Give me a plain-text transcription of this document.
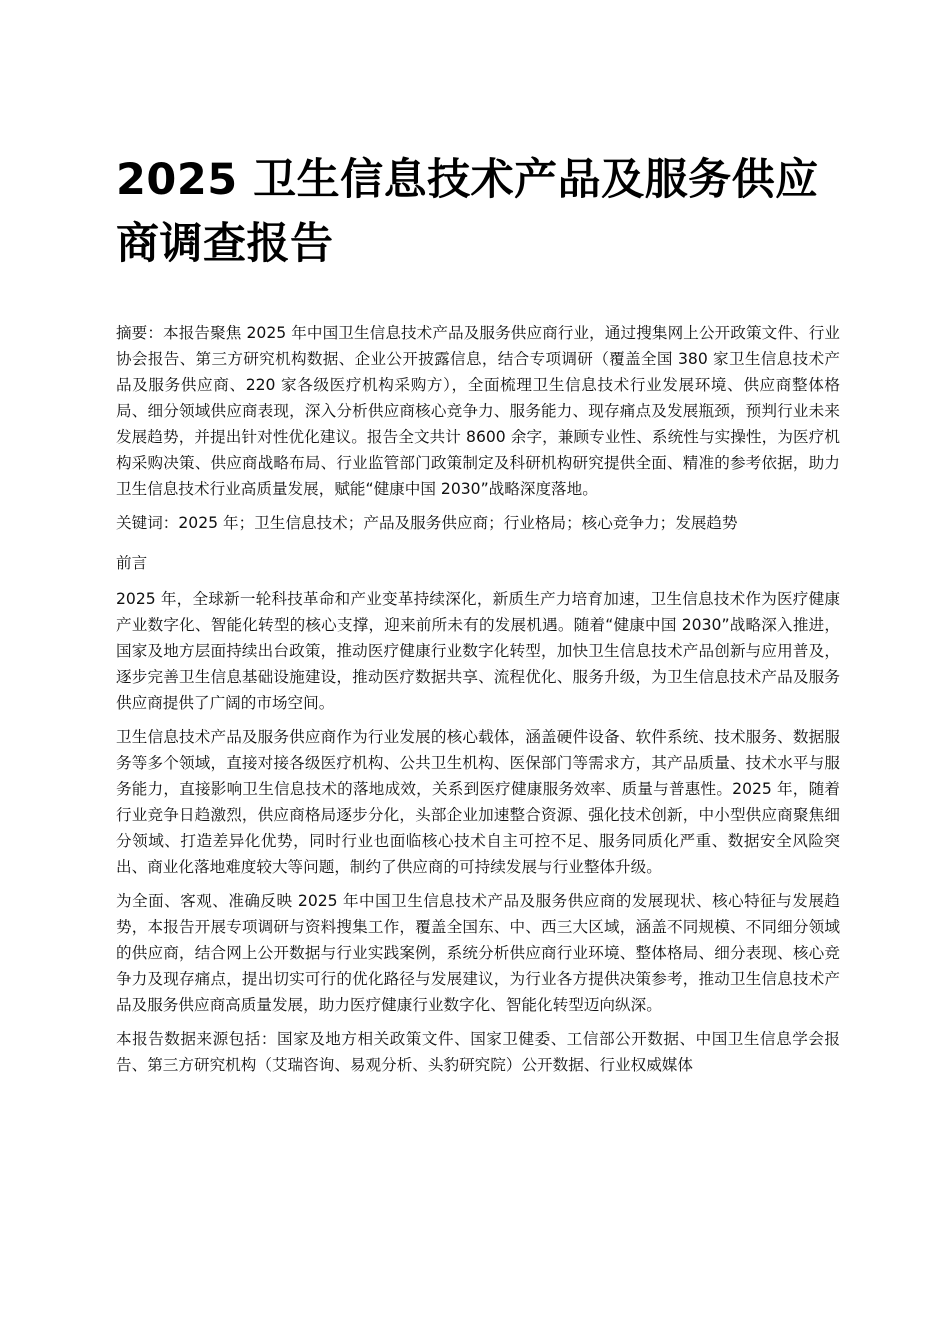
2025 卫生信息技术产品及服务供应商调查报告

摘要：本报告聚焦 2025 年中国卫生信息技术产品及服务供应商行业，通过搜集网上公开政策文件、行业协会报告、第三方研究机构数据、企业公开披露信息，结合专项调研（覆盖全国 380 家卫生信息技术产品及服务供应商、220 家各级医疗机构采购方），全面梳理卫生信息技术行业发展环境、供应商整体格局、细分领域供应商表现，深入分析供应商核心竞争力、服务能力、现存痛点及发展瓶颈，预判行业未来发展趋势，并提出针对性优化建议。报告全文共计 8600 余字，兼顾专业性、系统性与实操性，为医疗机构采购决策、供应商战略布局、行业监管部门政策制定及科研机构研究提供全面、精准的参考依据，助力卫生信息技术行业高质量发展，赋能“健康中国 2030”战略深度落地。

关键词：2025 年；卫生信息技术；产品及服务供应商；行业格局；核心竞争力；发展趋势

前言

2025 年，全球新一轮科技革命和产业变革持续深化，新质生产力培育加速，卫生信息技术作为医疗健康产业数字化、智能化转型的核心支撑，迎来前所未有的发展机遇。随着“健康中国 2030”战略深入推进，国家及地方层面持续出台政策，推动医疗健康行业数字化转型，加快卫生信息技术产品创新与应用普及，逐步完善卫生信息基础设施建设，推动医疗数据共享、流程优化、服务升级，为卫生信息技术产品及服务供应商提供了广阔的市场空间。

卫生信息技术产品及服务供应商作为行业发展的核心载体，涵盖硬件设备、软件系统、技术服务、数据服务等多个领域，直接对接各级医疗机构、公共卫生机构、医保部门等需求方，其产品质量、技术水平与服务能力，直接影响卫生信息技术的落地成效，关系到医疗健康服务效率、质量与普惠性。2025 年，随着行业竞争日趋激烈，供应商格局逐步分化，头部企业加速整合资源、强化技术创新，中小型供应商聚焦细分领域、打造差异化优势，同时行业也面临核心技术自主可控不足、服务同质化严重、数据安全风险突出、商业化落地难度较大等问题，制约了供应商的可持续发展与行业整体升级。

为全面、客观、准确反映 2025 年中国卫生信息技术产品及服务供应商的发展现状、核心特征与发展趋势，本报告开展专项调研与资料搜集工作，覆盖全国东、中、西三大区域，涵盖不同规模、不同细分领域的供应商，结合网上公开数据与行业实践案例，系统分析供应商行业环境、整体格局、细分表现、核心竞争力及现存痛点，提出切实可行的优化路径与发展建议，为行业各方提供决策参考，推动卫生信息技术产品及服务供应商高质量发展，助力医疗健康行业数字化、智能化转型迈向纵深。

本报告数据来源包括：国家及地方相关政策文件、国家卫健委、工信部公开数据、中国卫生信息学会报告、第三方研究机构（艾瑞咨询、易观分析、头豹研究院）公开数据、行业权威媒体
